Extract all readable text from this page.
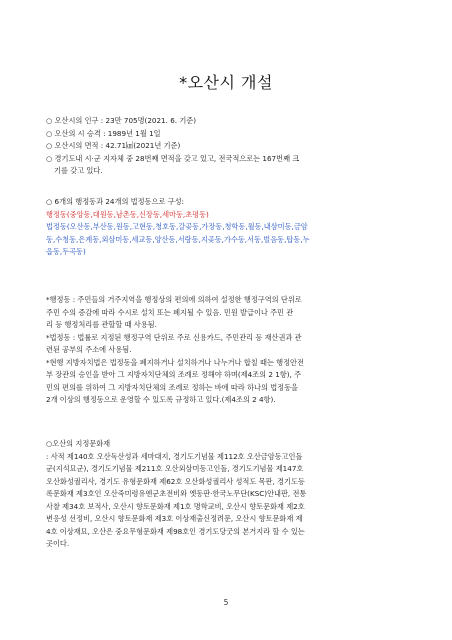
*오산시 개설
○ 오산시의 인구 : 23만 705명(2021. 6. 기준)
○ 오산의 시 승격 : 1989년 1월 1일
○ 오산시의 면적 : 42.71㎢(2021년 기준)
○ 경기도내 시·군 지자체 중 28번째 면적을 갖고 있고, 전국적으로는 167번째 크
기를 갖고 있다.
○ 6개의 행정동과 24개의 법정동으로 구성:
행정동(중앙동,대원동,남촌동,신장동,세마동,초평동)
법정동(오산동,부산동,원동,고현동,청호동,갈곶동,가장동,청학동,월동,내삼미동,금암
동,수청동,은계동,외삼미동,세교동,양산동,서랑동,지곶동,가수동,서동,벌음동,탑동,누
읍동,두곡동)
*행정동 : 주민들의 거주지역을 행정상의 편의에 의하여 설정한 행정구역의 단위로
주민 수의 증감에 따라 수시로 설치 또는 폐지될 수 있음. 민원 발급이나 주민 관
리 등 행정처리를 관할할 때 사용됨.
*법정동 : 법률로 지정된 행정구역 단위로 주로 신용카드, 주민관리 등 재산권과 관
련된 공부의 주소에 사용됨.
*현행 지방자치법은 법정동을 폐지하거나 설치하거나 나누거나 합칠 때는 행정안전
부 장관의 승인을 받아 그 지방자치단체의 조례로 정해야 하며(제4조의 2 1항), 주
민의 편의를 위하여 그 지방자치단체의 조례로 정하는 바에 따라 하나의 법정동을
2개 이상의 행정동으로 운영할 수 있도록 규정하고 있다.(제4조의 2 4항).
○오산의 지정문화재
: 사적 제140호 오산독산성과 세마대지, 경기도기념물 제112호 오산금암동고인돌
군(지석묘군), 경기도기념물 제211호 오산외삼미동고인돌, 경기도기념물 제147호
오산화성궐리사, 경기도 유형문화재 제62호 오산화성궐리사 성적도 목판, 경기도등
록문화재 제3호인 오산죽미령유엔군초전비와 옛동판·한국노무단(KSC)안내판, 전통
사찰 제34호 보적사, 오산시 향토문화재 제1호 명학교비, 오산시 향토문화재 제2호
변응성 선정비, 오산시 향토문화재 제3호 이상재출신정려문, 오산시 향토문화재 제
4호 이상재묘, 오산은 중요무형문화재 제98호인 경기도당굿의 본거지라 할 수 있는
곳이다.
5
